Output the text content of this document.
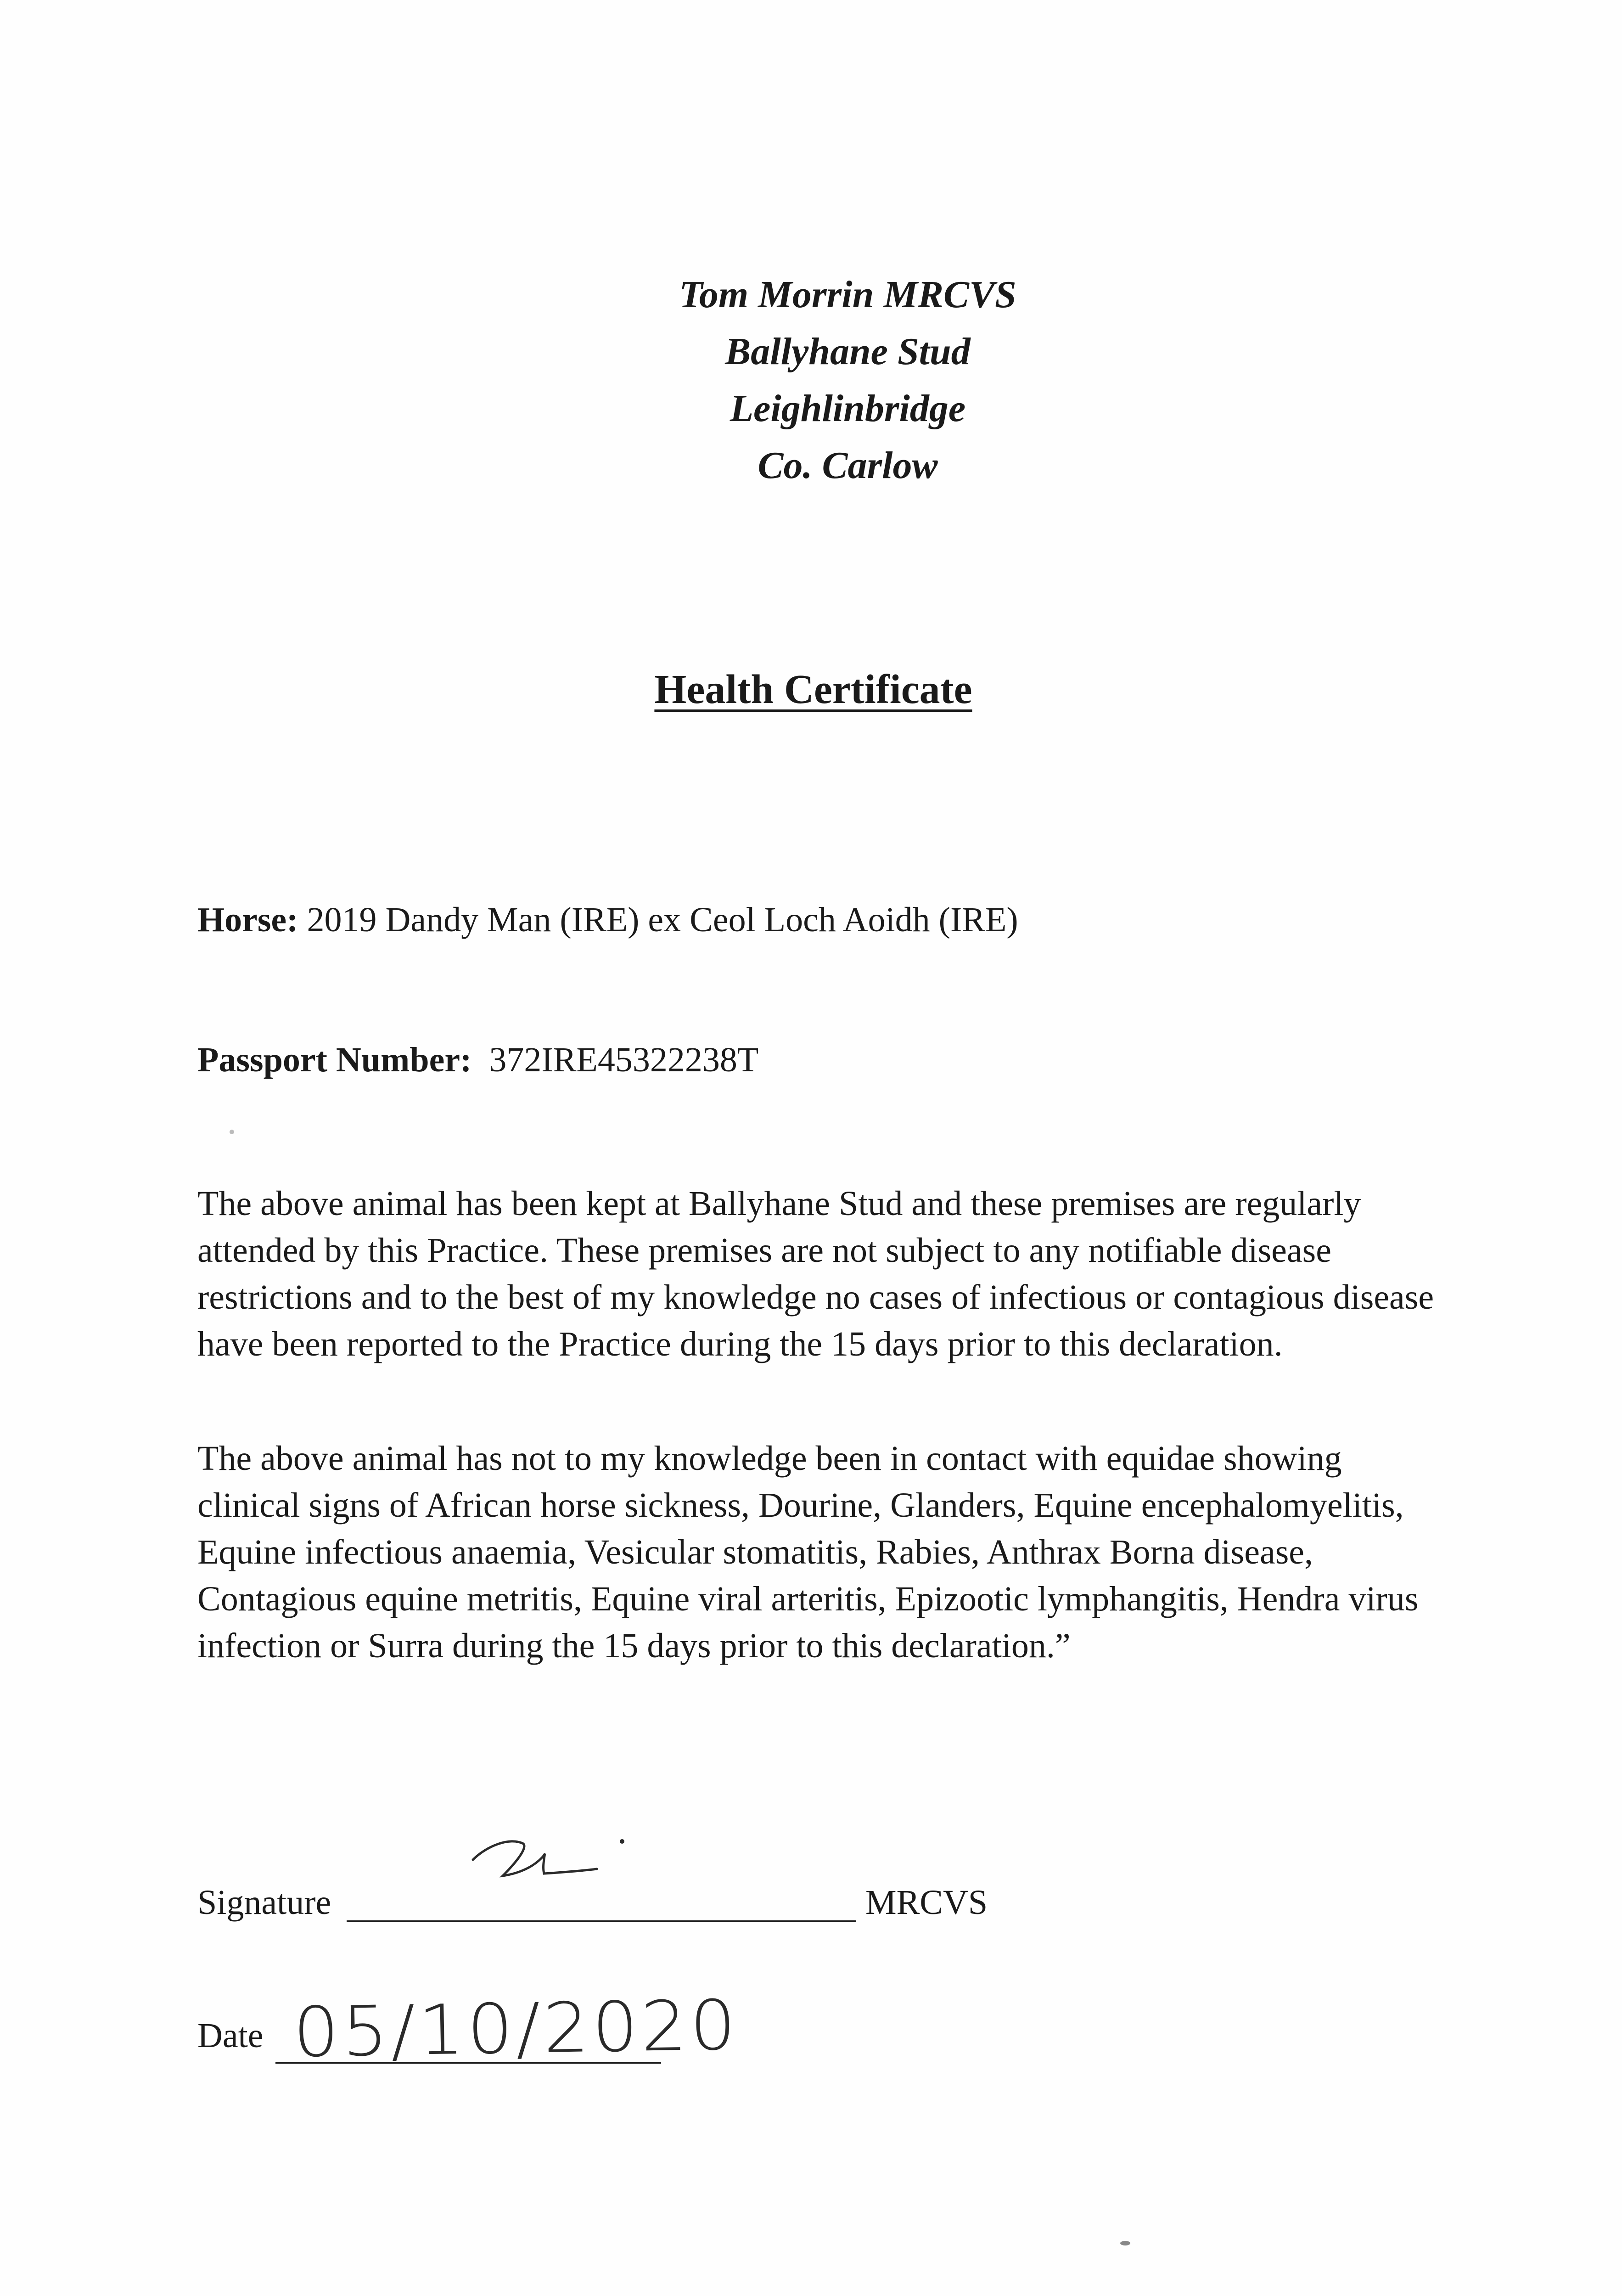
Tom Morrin MRCVS
Ballyhane Stud
Leighlinbridge
Co. Carlow
Health Certificate
Horse: 2019 Dandy Man (IRE) ex Ceol Loch Aoidh (IRE)
Passport Number: 372IRE45322238T

The above animal has been kept at Ballyhane Stud and these premises are regularly attended by this Practice. These premises are not subject to any notifiable disease restrictions and to the best of my knowledge no cases of infectious or contagious disease have been reported to the Practice during the 15 days prior to this declaration.

The above animal has not to my knowledge been in contact with equidae showing clinical signs of African horse sickness, Dourine, Glanders, Equine encephalomyelitis, Equine infectious anaemia, Vesicular stomatitis, Rabies, Anthrax Borna disease, Contagious equine metritis, Equine viral arteritis, Epizootic lymphangitis, Hendra virus infection or Surra during the 15 days prior to this declaration.”

Signature	MRCVS
Date 05/10/2020
